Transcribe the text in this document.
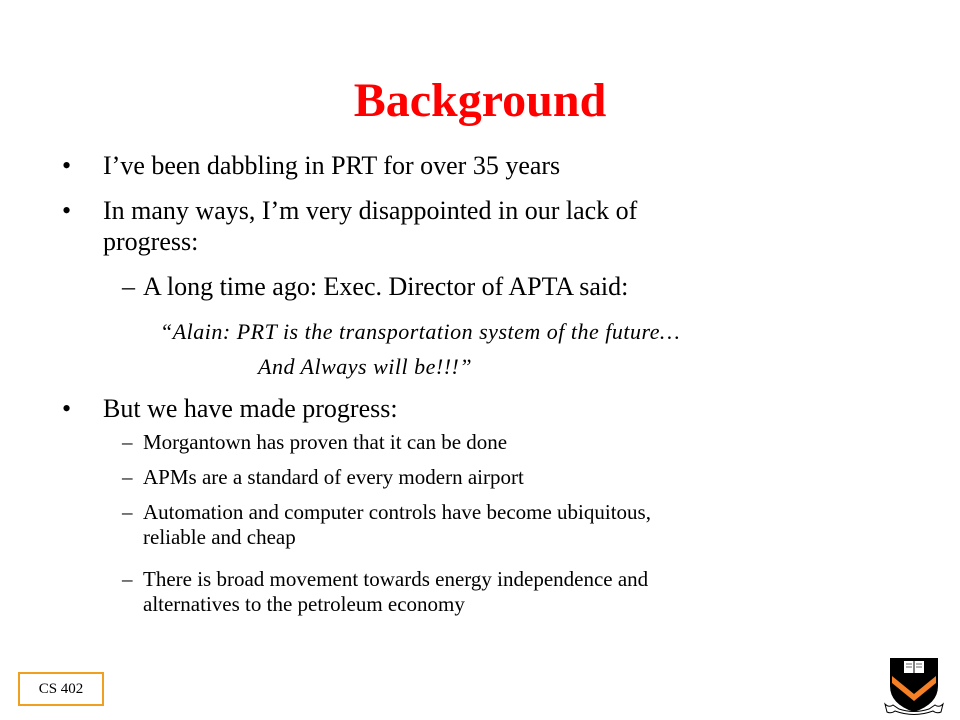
Background
• I’ve been dabbling in PRT for over 35 years
• In many ways, I’m very disappointed in our lack of
progress:
– A long time ago: Exec. Director of APTA said:
“Alain: PRT is the transportation system of the future…
And Always will be!!!”
• But we have made progress:
– Morgantown has proven that it can be done
– APMs are a standard of every modern airport
– Automation and computer controls have become ubiquitous,
reliable and cheap
– There is broad movement towards energy independence and
alternatives to the petroleum economy
CS 402
